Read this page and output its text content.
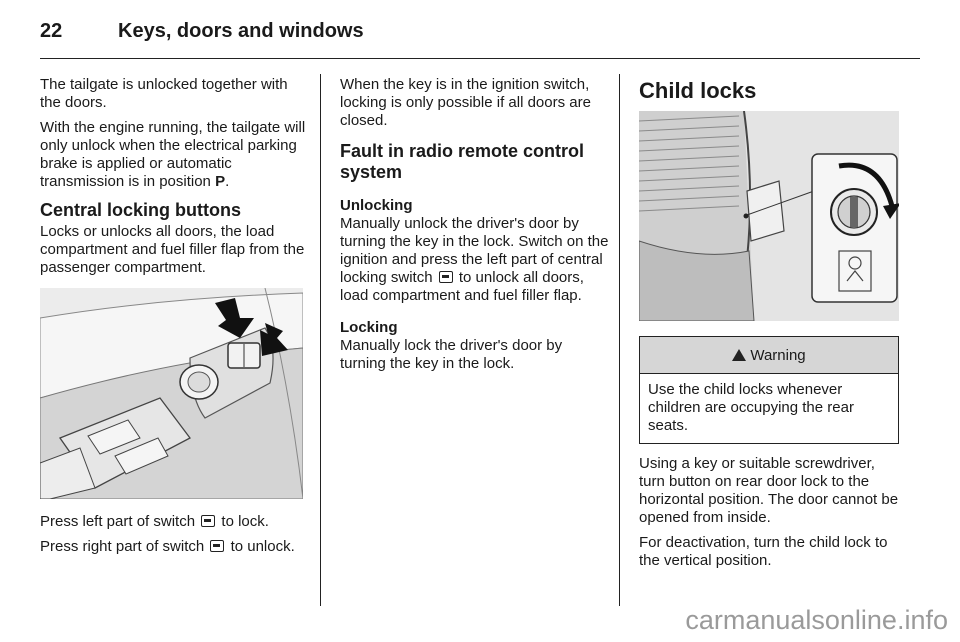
22	Keys, doors and windows

The tailgate is unlocked together with the doors.

With the engine running, the tailgate will only unlock when the electrical parking brake is applied or automatic transmission is in position P.

Central locking buttons

Locks or unlocks all doors, the load compartment and fuel filler flap from the passenger compartment.

Press left part of switch  to lock.

Press right part of switch  to unlock.

When the key is in the ignition switch, locking is only possible if all doors are closed.

Fault in radio remote control system

Unlocking

Manually unlock the driver's door by turning the key in the lock. Switch on the ignition and press the left part of central locking switch  to unlock all doors, load compartment and fuel filler flap.

Locking

Manually lock the driver's door by turning the key in the lock.

Child locks
Warning
Use the child locks whenever children are occupying the rear seats.

Using a key or suitable screwdriver, turn button on rear door lock to the horizontal position. The door cannot be opened from inside.

For deactivation, turn the child lock to the vertical position.

carmanualsonline.info
